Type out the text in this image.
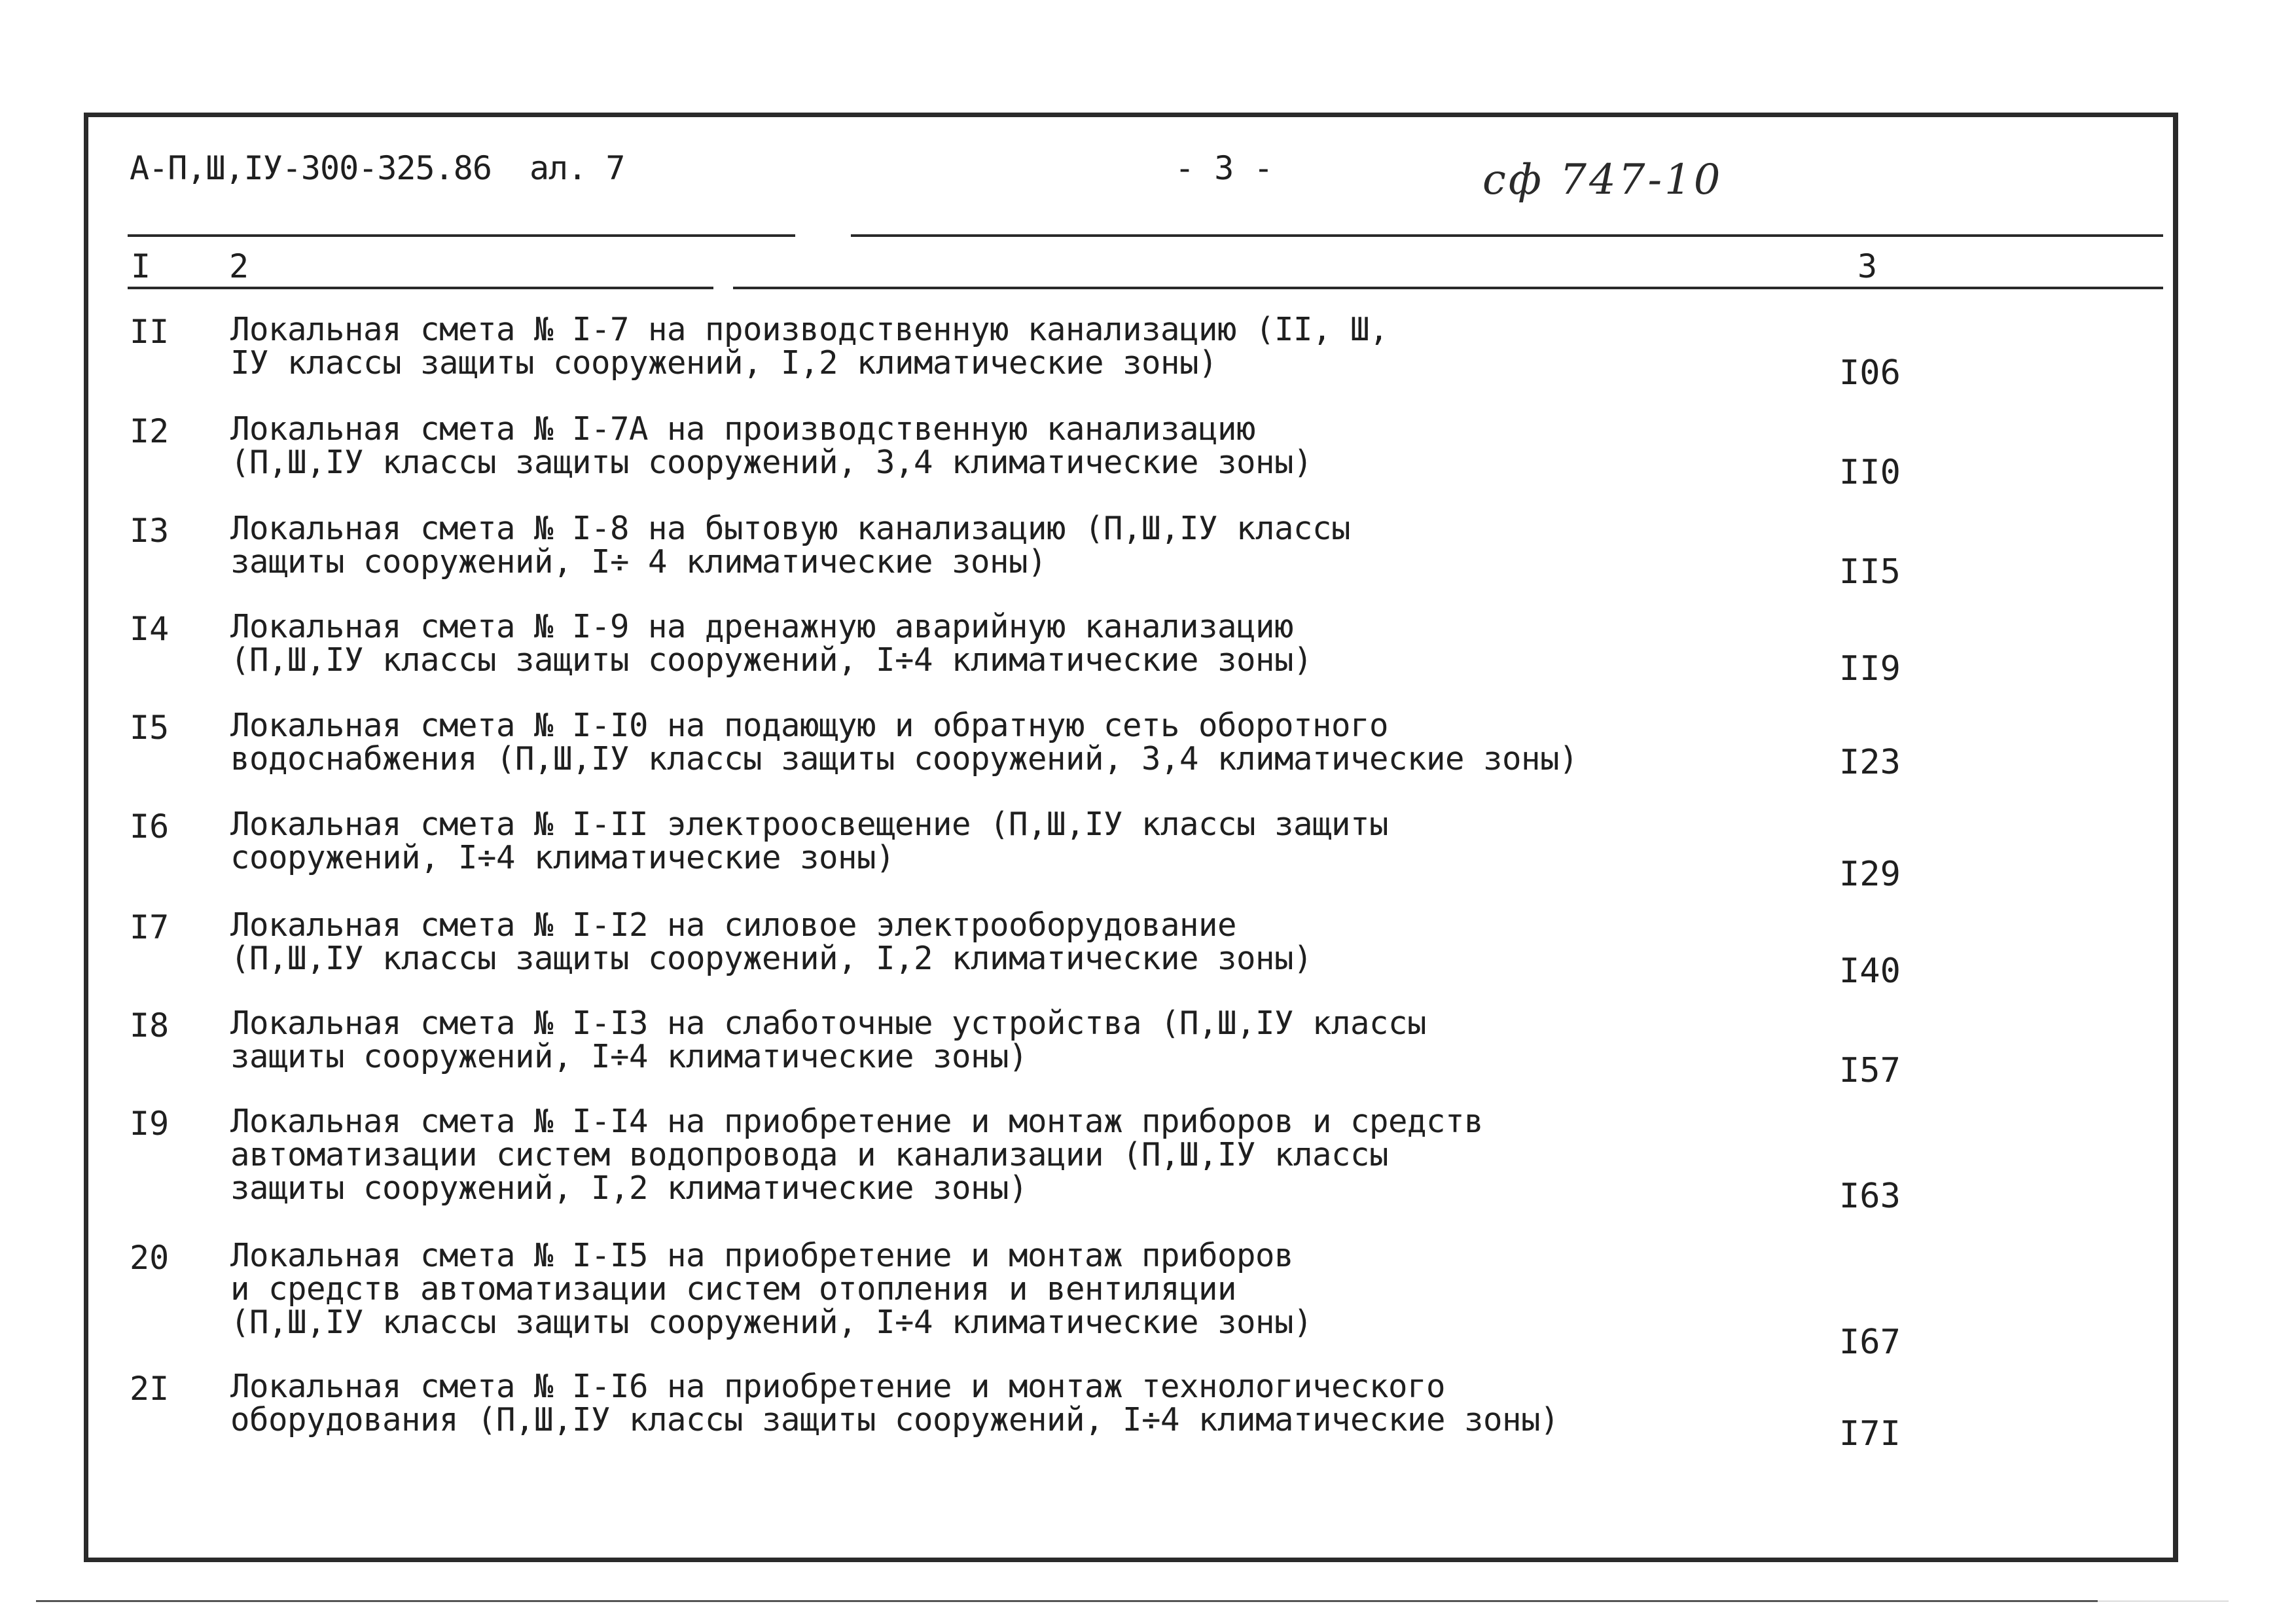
А-П,Ш,IУ-300-325.86 ал. 7	- 3 -	сф 747-10
I 2	3
II Локальная смета № I-7 на производственную канализацию (II, Ш,
IУ классы защиты сооружений, I,2 климатические зоны)	I06
I2 Локальная смета № I-7А на производственную канализацию
(П,Ш,IУ классы защиты сооружений, 3,4 климатические зоны)	II0
I3 Локальная смета № I-8 на бытовую канализацию (П,Ш,IУ классы
защиты сооружений, I÷ 4 климатические зоны)	II5
I4 Локальная смета № I-9 на дренажную аварийную канализацию
(П,Ш,IУ классы защиты сооружений, I÷4 климатические зоны)	II9
I5 Локальная смета № I-I0 на подающую и обратную сеть оборотного
водоснабжения (П,Ш,IУ классы защиты сооружений, 3,4 климатические зоны)	I23
I6 Локальная смета № I-II электроосвещение (П,Ш,IУ классы защиты
сооружений, I÷4 климатические зоны)	I29
I7 Локальная смета № I-I2 на силовое электрооборудование
(П,Ш,IУ классы защиты сооружений, I,2 климатические зоны)	I40
I8 Локальная смета № I-I3 на слаботочные устройства (П,Ш,IУ классы
защиты сооружений, I÷4 климатические зоны)	I57
I9 Локальная смета № I-I4 на приобретение и монтаж приборов и средств
автоматизации систем водопровода и канализации (П,Ш,IУ классы
защиты сооружений, I,2 климатические зоны)	I63
20 Локальная смета № I-I5 на приобретение и монтаж приборов
и средств автоматизации систем отопления и вентиляции
(П,Ш,IУ классы защиты сооружений, I÷4 климатические зоны)
I67
2I Локальная смета № I-I6 на приобретение и монтаж технологического
оборудования (П,Ш,IУ классы защиты сооружений, I÷4 климатические зоны)	I7I
